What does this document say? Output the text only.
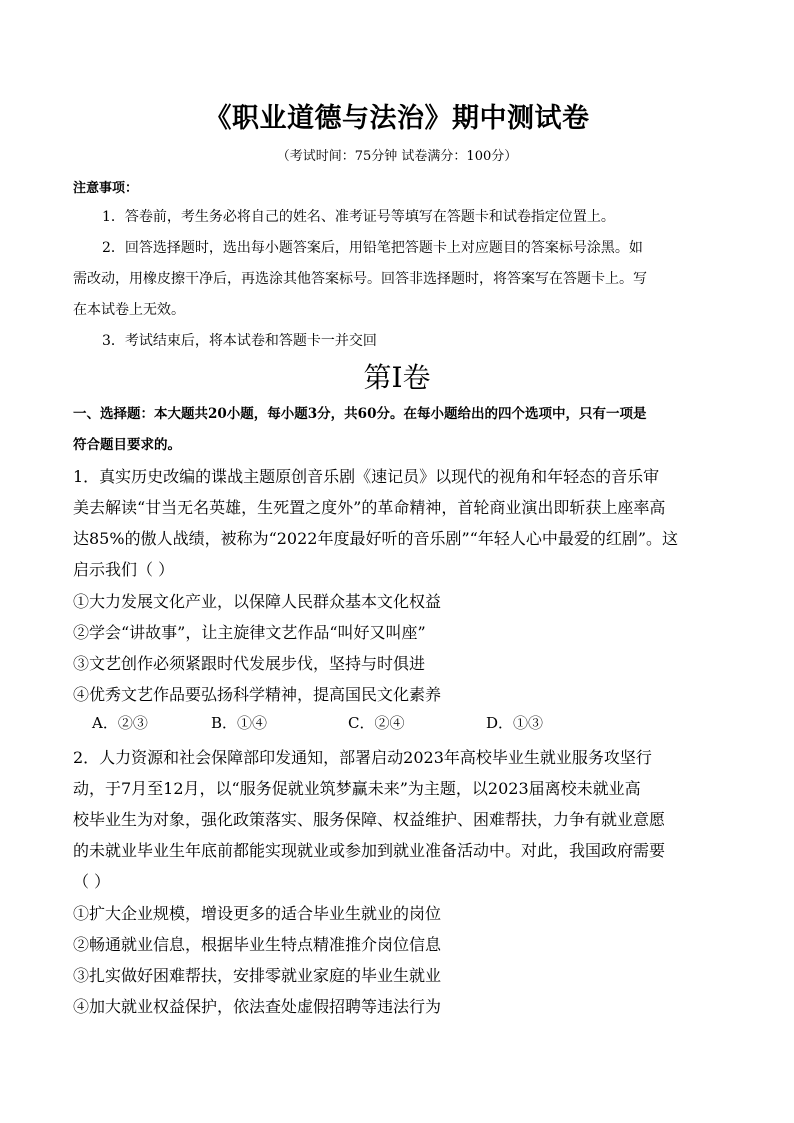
《职业道德与法治》期中测试卷
（考试时间：75分钟 试卷满分：100分）
注意事项：
1．答卷前，考生务必将自己的姓名、准考证号等填写在答题卡和试卷指定位置上。
2．回答选择题时，选出每小题答案后，用铅笔把答题卡上对应题目的答案标号涂黑。如
需改动，用橡皮擦干净后，再选涂其他答案标号。回答非选择题时，将答案写在答题卡上。写
在本试卷上无效。
3．考试结束后，将本试卷和答题卡一并交回
第Ⅰ卷
一、选择题：本大题共20小题，每小题3分，共60分。在每小题给出的四个选项中，只有一项是
符合题目要求的。
1．真实历史改编的谍战主题原创音乐剧《速记员》以现代的视角和年轻态的音乐审
美去解读“甘当无名英雄，生死置之度外”的革命精神，首轮商业演出即斩获上座率高
达85%的傲人战绩，被称为“2022年度最好听的音乐剧”“年轻人心中最爱的红剧”。这
启示我们（ ）
①大力发展文化产业，以保障人民群众基本文化权益
②学会“讲故事”，让主旋律文艺作品“叫好又叫座”
③文艺创作必须紧跟时代发展步伐，坚持与时俱进
④优秀文艺作品要弘扬科学精神，提高国民文化素养
A．②③	B．①④	C．②④	D．①③
2．人力资源和社会保障部印发通知，部署启动2023年高校毕业生就业服务攻坚行
动，于7月至12月，以“服务促就业筑梦赢未来”为主题，以2023届离校未就业高
校毕业生为对象，强化政策落实、服务保障、权益维护、困难帮扶，力争有就业意愿
的未就业毕业生年底前都能实现就业或参加到就业准备活动中。对此，我国政府需要
（ ）
①扩大企业规模，增设更多的适合毕业生就业的岗位
②畅通就业信息，根据毕业生特点精准推介岗位信息
③扎实做好困难帮扶，安排零就业家庭的毕业生就业
④加大就业权益保护，依法查处虚假招聘等违法行为
